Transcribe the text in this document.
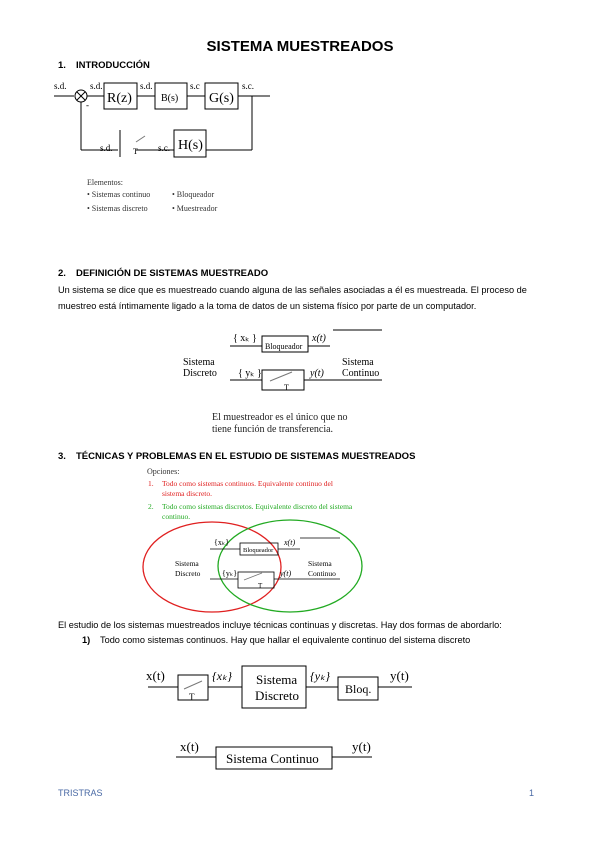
SISTEMA MUESTREADOS
1. INTRODUCCIÓN
s.d.	s.d.
- R(z)
s.d.
B(s)
s.c
G(s)
s.c.
s.d.	T s.c. H(s)
Elementos:
• Sistemas continuo
• Sistemas discreto
• Bloqueador
• Muestreador
2. DEFINICIÓN DE SISTEMAS MUESTREADO
Un sistema se dice que es muestreado cuando alguna de las señales asociadas a él es muestreada. El proceso de
muestreo está íntimamente ligado a la toma de datos de un sistema físico por parte de un computador.
{ xₖ }
Bloqueador
x(t)
Sistema
Discreto { yₖ }	y(t)
Sistema
Continuo
T
El muestreador es el único que no
tiene función de transferencia.
3. TÉCNICAS Y PROBLEMAS EN EL ESTUDIO DE SISTEMAS MUESTREADOS
Opciones:
1. Todo como sistemas continuos. Equivalente continuo del
sistema discreto.
2. Todo como sistemas discretos. Equivalente discreto del sistema
continuo.
{xₖ}
Bloqueador
x(t)
Sistema
Discreto	{yₖ}	y(t)
Sistema
Continuo
T
El estudio de los sistemas muestreados incluye técnicas continuas y discretas. Hay dos formas de abordarlo:
1) Todo como sistemas continuos. Hay que hallar el equivalente continuo del sistema discreto
x(t)	{xₖ}
T
Sistema
Discreto
{yₖ}
Bloq.
y(t)
x(t)
Sistema Continuo
y(t)
TRISTRAS	1
